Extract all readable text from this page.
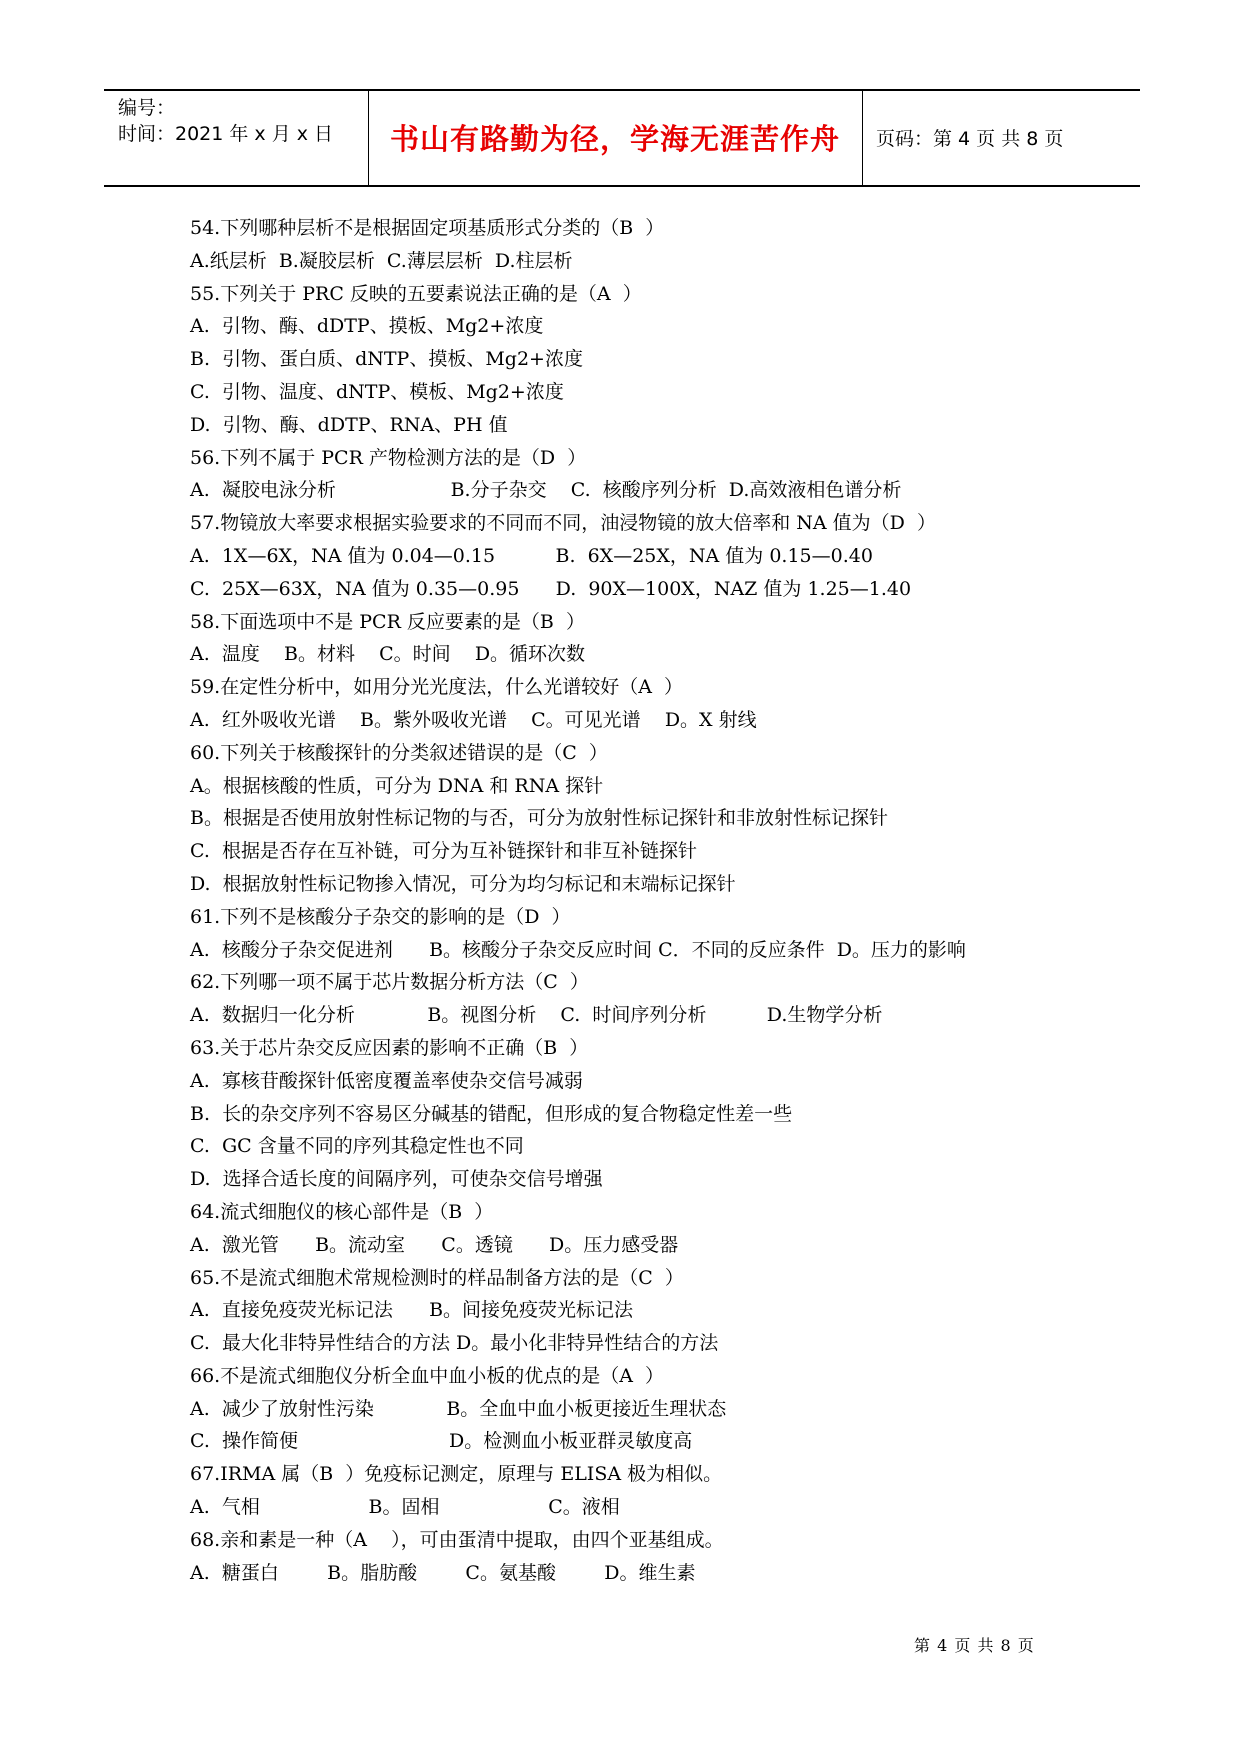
编号：
时间：2021 年 x 月 x 日	书山有路勤为径，学海无涯苦作舟	页码：第 4 页 共 8 页
54.下列哪种层析不是根据固定项基质形式分类的（B  ）
A.纸层析  B.凝胶层析  C.薄层层析  D.柱层析
55.下列关于 PRC 反映的五要素说法正确的是（A  ）
A.  引物、酶、dDTP、摸板、Mg2+浓度
B.  引物、蛋白质、dNTP、摸板、Mg2+浓度
C.  引物、温度、dNTP、模板、Mg2+浓度
D.  引物、酶、dDTP、RNA、PH 值
56.下列不属于 PCR 产物检测方法的是（D  ）
A.  凝胶电泳分析                   B.分子杂交    C.  核酸序列分析  D.高效液相色谱分析
57.物镜放大率要求根据实验要求的不同而不同，油浸物镜的放大倍率和 NA 值为（D  ）
A.  1X—6X，NA 值为 0.04—0.15          B.  6X—25X，NA 值为 0.15—0.40
C.  25X—63X，NA 值为 0.35—0.95      D.  90X—100X，NAZ 值为 1.25—1.40
58.下面选项中不是 PCR 反应要素的是（B  ）
A.  温度    B。材料    C。时间    D。循环次数
59.在定性分析中，如用分光光度法，什么光谱较好（A  ）
A.  红外吸收光谱    B。紫外吸收光谱    C。可见光谱    D。X 射线
60.下列关于核酸探针的分类叙述错误的是（C  ）
A。根据核酸的性质，可分为 DNA 和 RNA 探针
B。根据是否使用放射性标记物的与否，可分为放射性标记探针和非放射性标记探针
C.  根据是否存在互补链，可分为互补链探针和非互补链探针
D.  根据放射性标记物掺入情况，可分为均匀标记和末端标记探针
61.下列不是核酸分子杂交的影响的是（D  ）
A.  核酸分子杂交促进剂      B。核酸分子杂交反应时间 C．不同的反应条件  D。压力的影响
62.下列哪一项不属于芯片数据分析方法（C  ）
A.  数据归一化分析            B。视图分析    C.  时间序列分析          D.生物学分析
63.关于芯片杂交反应因素的影响不正确（B  ）
A.  寡核苷酸探针低密度覆盖率使杂交信号减弱
B.  长的杂交序列不容易区分碱基的错配，但形成的复合物稳定性差一些
C.  GC 含量不同的序列其稳定性也不同
D.  选择合适长度的间隔序列，可使杂交信号增强
64.流式细胞仪的核心部件是（B  ）
A.  激光管      B。流动室      C。透镜      D。压力感受器
65.不是流式细胞术常规检测时的样品制备方法的是（C  ）
A.  直接免疫荧光标记法      B。间接免疫荧光标记法
C.  最大化非特异性结合的方法 D。最小化非特异性结合的方法
66.不是流式细胞仪分析全血中血小板的优点的是（A  ）
A.  减少了放射性污染            B。全血中血小板更接近生理状态
C.  操作简便                         D。检测血小板亚群灵敏度高
67.IRMA 属（B  ）免疫标记测定，原理与 ELISA 极为相似。
A.  气相                  B。固相                  C。液相
68.亲和素是一种（A    ），可由蛋清中提取，由四个亚基组成。
A.  糖蛋白        B。脂肪酸        C。氨基酸        D。维生素
第 4 页 共 8 页
